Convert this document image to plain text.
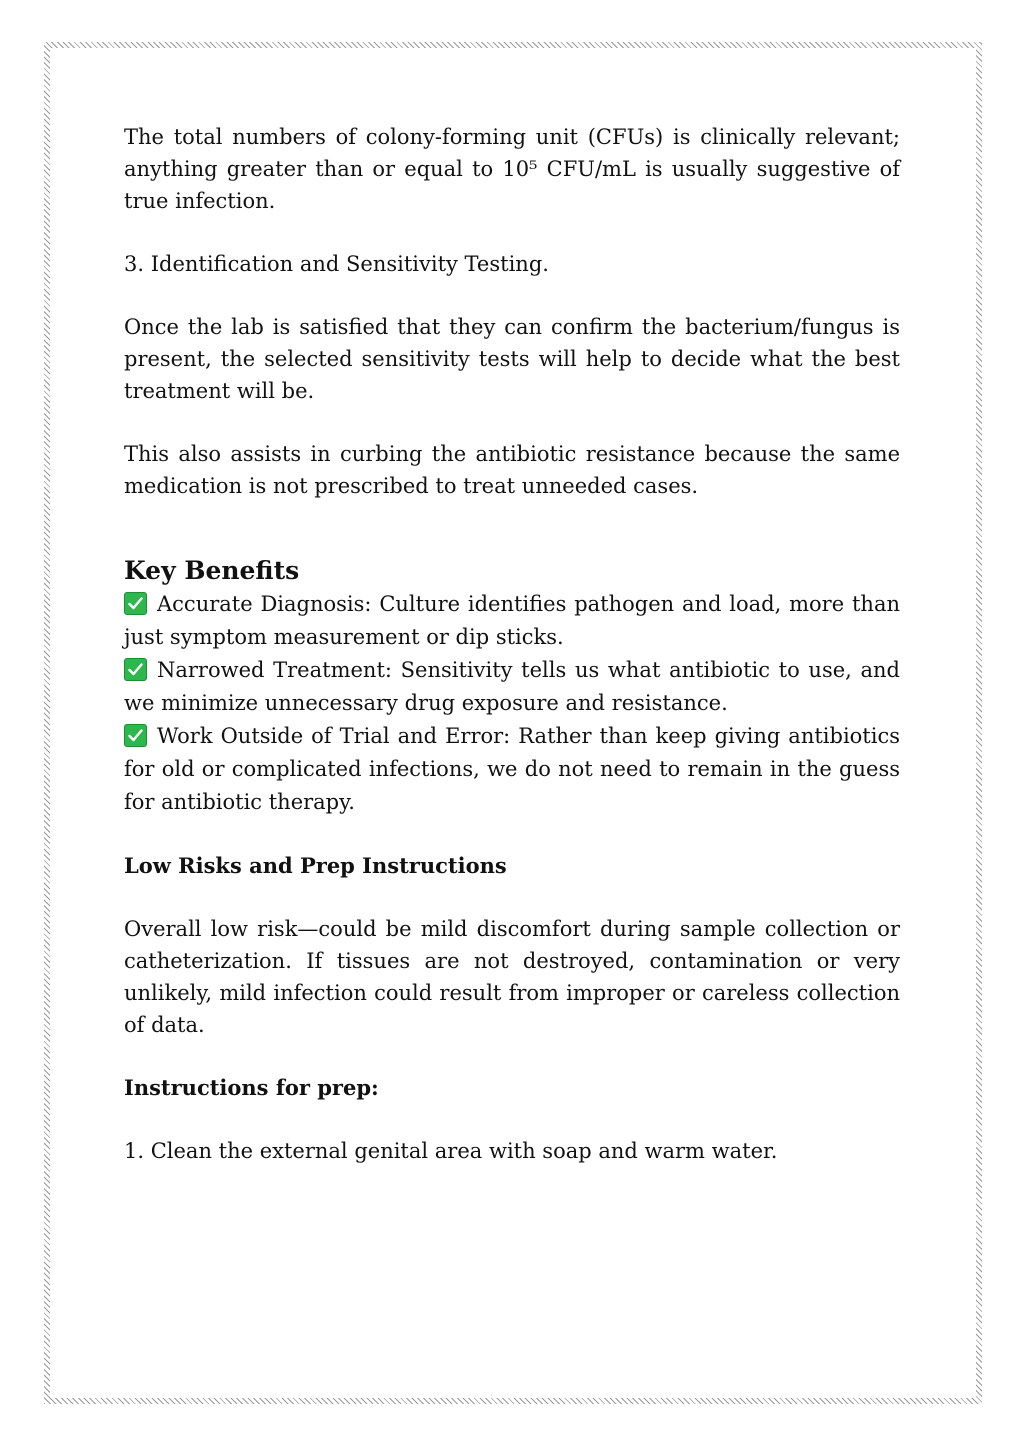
The total numbers of colony-forming unit (CFUs) is clinically relevant; anything greater than or equal to 10⁵ CFU/mL is usually suggestive of true infection.

3. Identification and Sensitivity Testing.

Once the lab is satisfied that they can confirm the bacterium/fungus is present, the selected sensitivity tests will help to decide what the best treatment will be.

This also assists in curbing the antibiotic resistance because the same medication is not prescribed to treat unneeded cases.

Key Benefits

Accurate Diagnosis: Culture identifies pathogen and load, more than just symptom measurement or dip sticks.

Narrowed Treatment: Sensitivity tells us what antibiotic to use, and we minimize unnecessary drug exposure and resistance.

Work Outside of Trial and Error: Rather than keep giving antibiotics for old or complicated infections, we do not need to remain in the guess for antibiotic therapy.

Low Risks and Prep Instructions

Overall low risk—could be mild discomfort during sample collection or catheterization. If tissues are not destroyed, contamination or very unlikely, mild infection could result from improper or careless collection of data.

Instructions for prep:

1. Clean the external genital area with soap and warm water.
